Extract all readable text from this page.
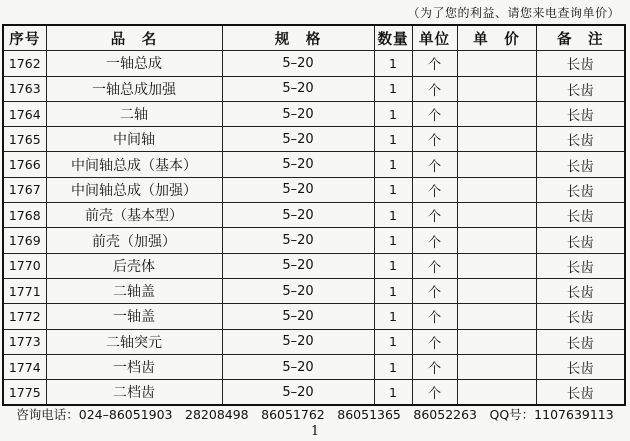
（为了您的利益、请您来电查询单价）
序号	品　名	规　格	数量	单位	单　价	备　注
1762	一轴总成	5–20	1	个		长齿
1763	一轴总成加强	5–20	1	个		长齿
1764	二轴	5–20	1	个		长齿
1765	中间轴	5–20	1	个		长齿
1766	中间轴总成（基本）	5–20	1	个		长齿
1767	中间轴总成（加强）	5–20	1	个		长齿
1768	前壳（基本型）	5–20	1	个		长齿
1769	前壳（加强）	5–20	1	个		长齿
1770	后壳体	5–20	1	个		长齿
1771	二轴盖	5–20	1	个		长齿
1772	一轴盖	5–20	1	个		长齿
1773	二轴突元	5–20	1	个		长齿
1774	一档齿	5–20	1	个		长齿
1775	二档齿	5–20	1	个		长齿
咨询电话：024–86051903　28208498　86051762　86051365　86052263　QQ号：1107639113
1
